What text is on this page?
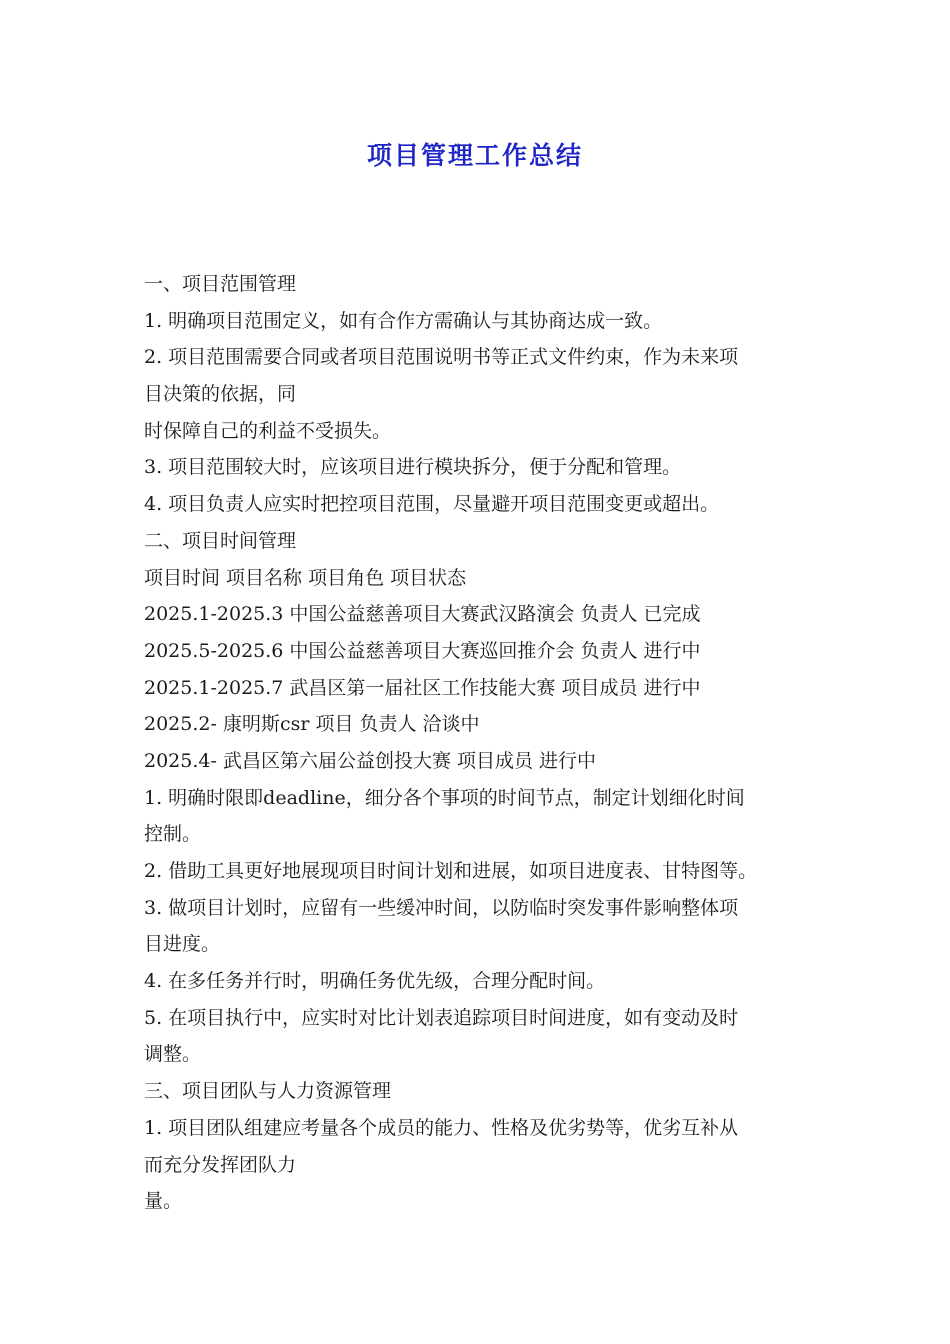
项目管理工作总结

一、项目范围管理

1. 明确项目范围定义，如有合作方需确认与其协商达成一致。

2. 项目范围需要合同或者项目范围说明书等正式文件约束，作为未来项

目决策的依据，同

时保障自己的利益不受损失。

3. 项目范围较大时，应该项目进行模块拆分，便于分配和管理。

4. 项目负责人应实时把控项目范围，尽量避开项目范围变更或超出。

二、项目时间管理

项目时间 项目名称 项目角色 项目状态

2025.1-2025.3 中国公益慈善项目大赛武汉路演会 负责人 已完成

2025.5-2025.6 中国公益慈善项目大赛巡回推介会 负责人 进行中

2025.1-2025.7 武昌区第一届社区工作技能大赛 项目成员 进行中

2025.2- 康明斯csr 项目 负责人 洽谈中

2025.4- 武昌区第六届公益创投大赛 项目成员 进行中

1. 明确时限即deadline，细分各个事项的时间节点，制定计划细化时间

控制。

2. 借助工具更好地展现项目时间计划和进展，如项目进度表、甘特图等。

3. 做项目计划时，应留有一些缓冲时间，以防临时突发事件影响整体项

目进度。

4. 在多任务并行时，明确任务优先级，合理分配时间。

5. 在项目执行中，应实时对比计划表追踪项目时间进度，如有变动及时

调整。

三、项目团队与人力资源管理

1. 项目团队组建应考量各个成员的能力、性格及优劣势等，优劣互补从

而充分发挥团队力

量。
